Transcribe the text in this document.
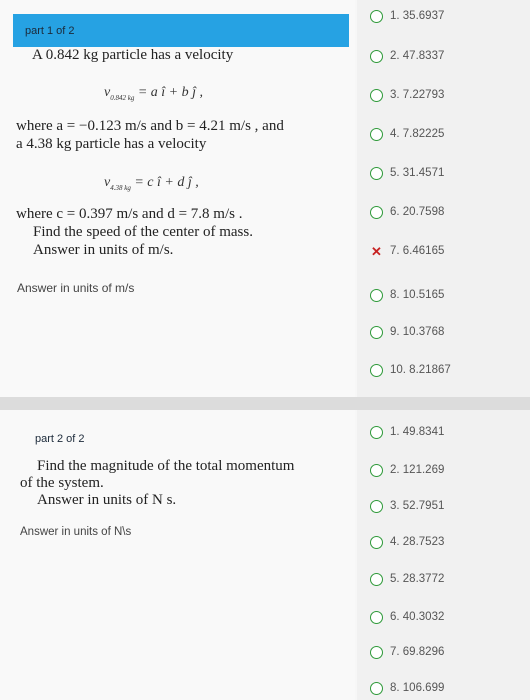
part 1 of 2
A 0.842 kg particle has a velocity
$v_{0.842 kg} = a$ î + b ĵ ,
where a = −0.123 m/s and b = 4.21 m/s , and
a 4.38 kg particle has a velocity
$v_{4.38 kg} = c$ î + d ĵ ,
where c = 0.397 m/s and d = 7.8 m/s .
Find the speed of the center of mass.
Answer in units of m/s.
Answer in units of m/s
1. 35.6937
2. 47.8337
3. 7.22793
4. 7.82225
5. 31.4571
6. 20.7598
✕ 7. 6.46165
8. 10.5165
9. 10.3768
10. 8.21867
part 2 of 2
Find the magnitude of the total momentum
of the system.
Answer in units of N s.
Answer in units of N\s
1. 49.8341
2. 121.269
3. 52.7951
4. 28.7523
5. 28.3772
6. 40.3032
7. 69.8296
8. 106.699
